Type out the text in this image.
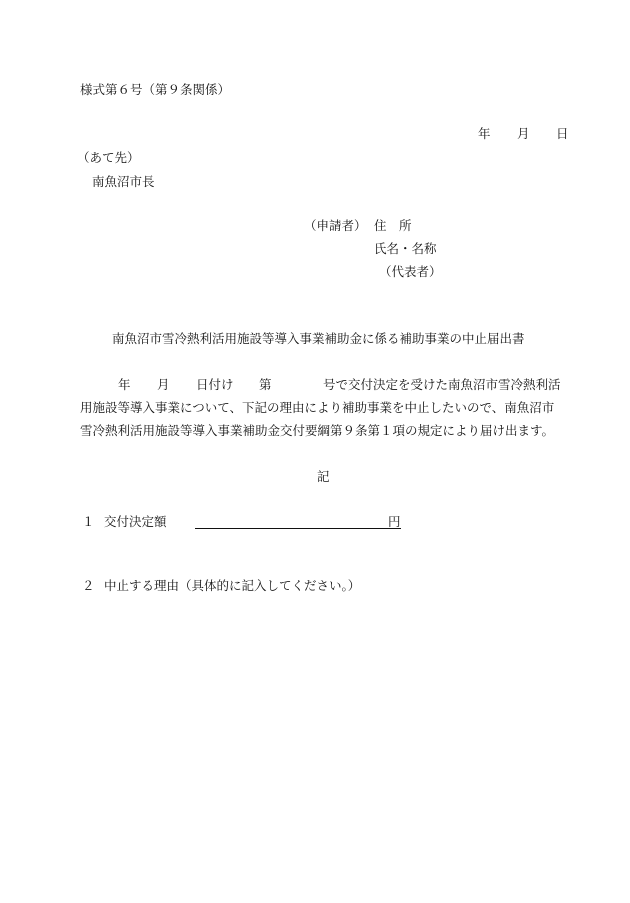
様式第６号（第９条関係）
年 月 日
（あて先）
南魚沼市長
（申請者） 住　所
氏名・名称
（代表者）
南魚沼市雪冷熱利活用施設等導入事業補助金に係る補助事業の中止届出書
年 月 日付け 第	号で交付決定を受けた南魚沼市雪冷熱利活
用施設等導入事業について、下記の理由により補助事業を中止したいので、南魚沼市
雪冷熱利活用施設等導入事業補助金交付要綱第９条第１項の規定により届け出ます。
記
１ 交付決定額	円
２ 中止する理由（具体的に記入してください。）
